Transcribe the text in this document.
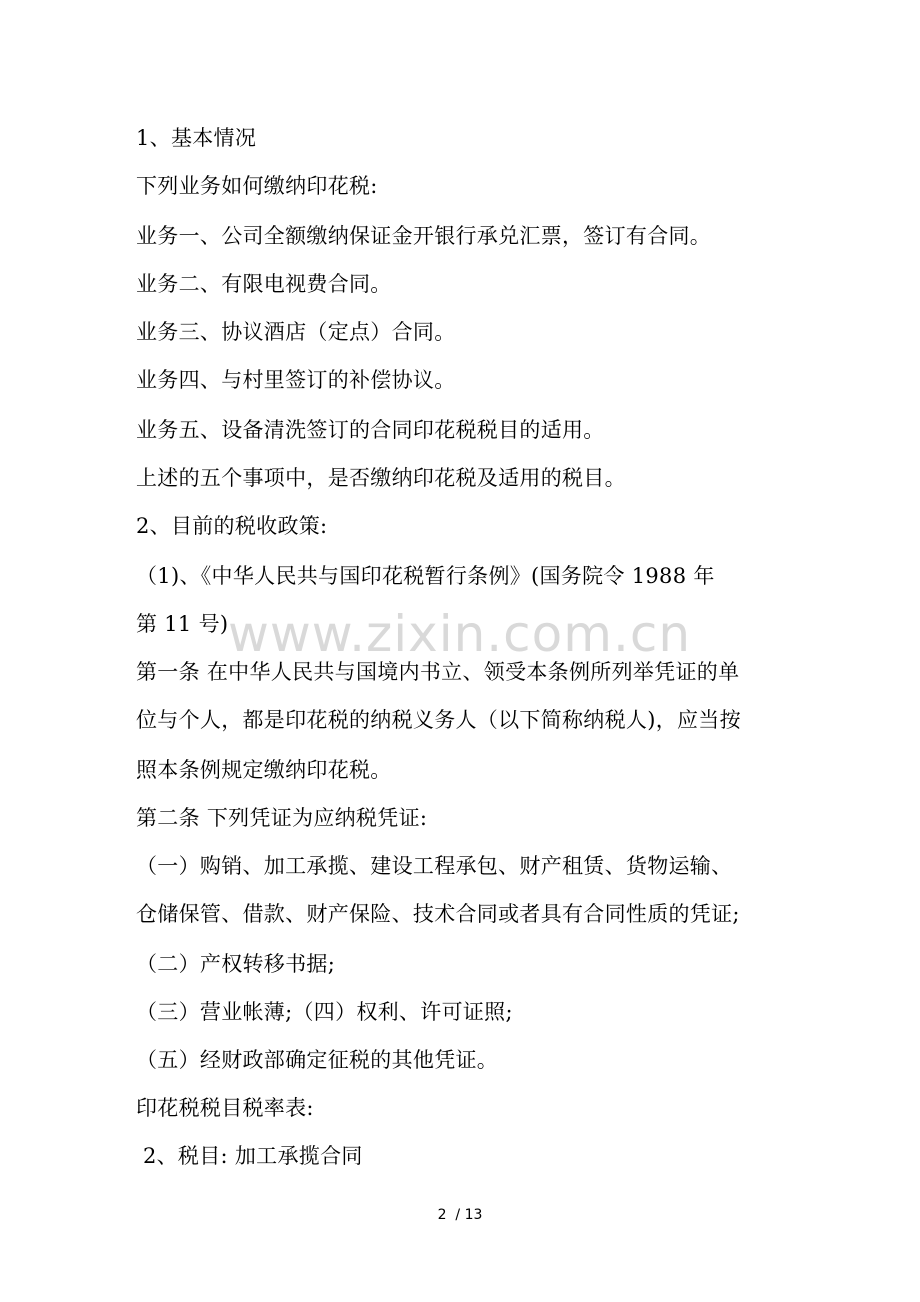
1、基本情况
下列业务如何缴纳印花税:
业务一、公司全额缴纳保证金开银行承兑汇票，签订有合同。
业务二、有限电视费合同。
业务三、协议酒店（定点）合同。
业务四、与村里签订的补偿协议。
业务五、设备清洗签订的合同印花税税目的适用。
上述的五个事项中，是否缴纳印花税及适用的税目。
2、目前的税收政策:
（1)、《中华人民共与国印花税暂行条例》(国务院令 1988 年
第 11 号)
第一条 在中华人民共与国境内书立、领受本条例所列举凭证的单
位与个人，都是印花税的纳税义务人（以下简称纳税人)，应当按
照本条例规定缴纳印花税。
第二条 下列凭证为应纳税凭证:
（一）购销、加工承揽、建设工程承包、财产租赁、货物运输、
仓储保管、借款、财产保险、技术合同或者具有合同性质的凭证;
（二）产权转移书据;
（三）营业帐薄;（四）权利、许可证照;
（五）经财政部确定征税的其他凭证。
印花税税目税率表:
2、税目: 加工承揽合同
www.zixin.com.cn
2  / 13
